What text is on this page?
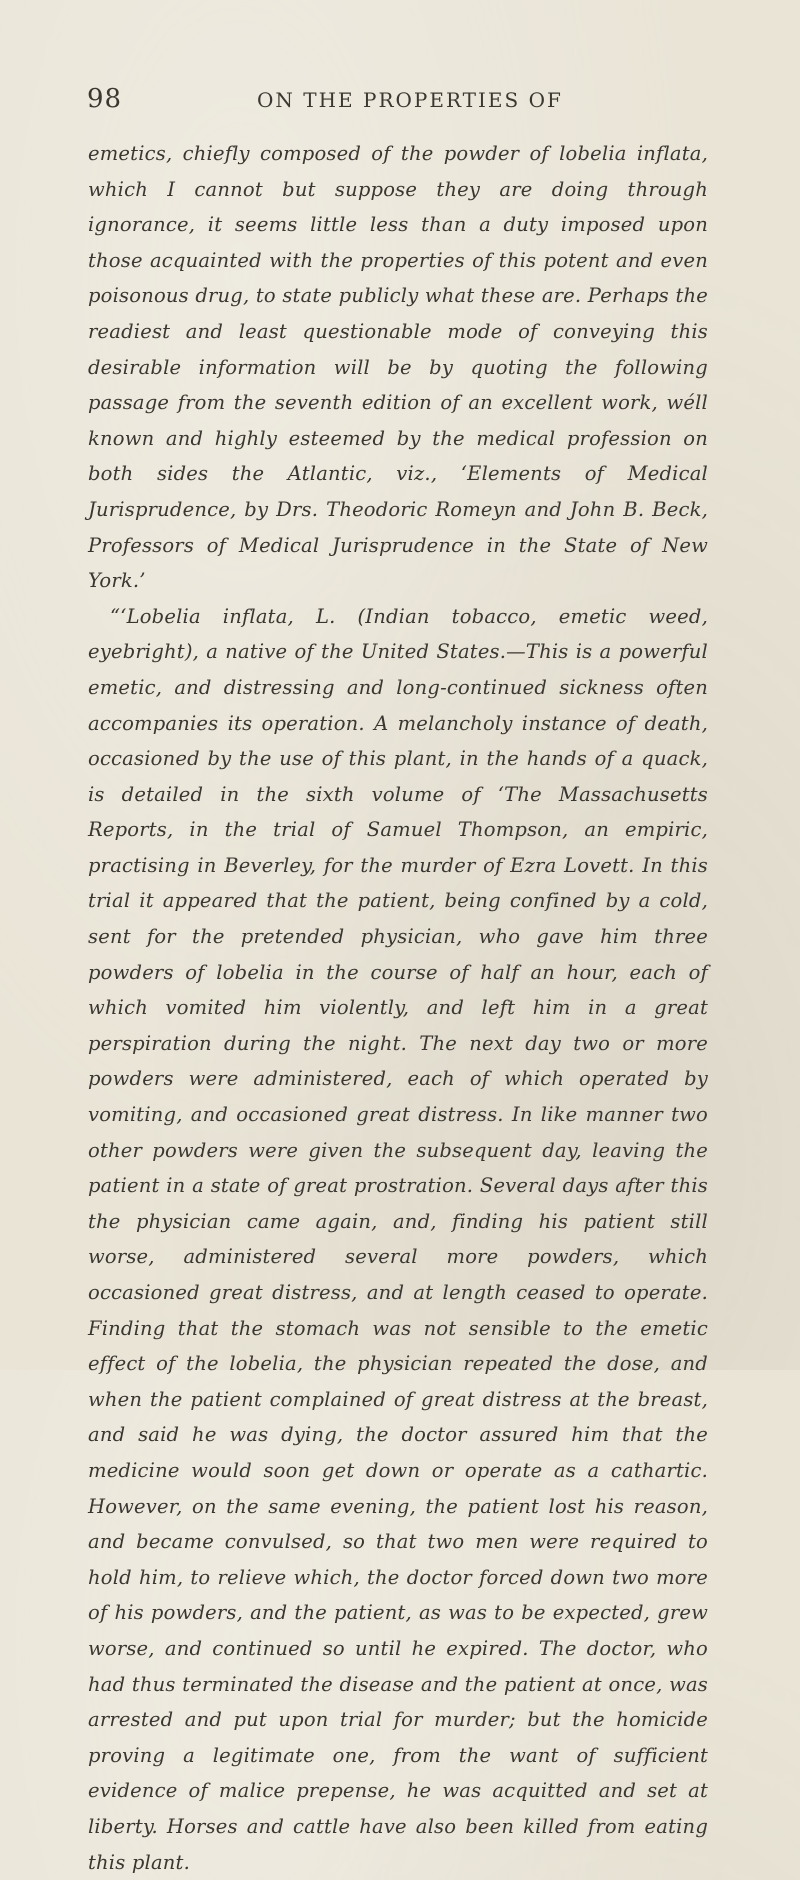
98	ON THE PROPERTIES OF

emetics, chiefly composed of the powder of lobelia inflata, which I cannot but suppose they are doing through ignorance, it seems little less than a duty imposed upon those acquainted with the properties of this potent and even poisonous drug, to state publicly what these are. Perhaps the readiest and least questionable mode of conveying this desirable information will be by quoting the following passage from the seventh edition of an excellent work, wéll known and highly esteemed by the medical profession on both sides the Atlantic, viz., ‘Elements of Medical Jurisprudence, by Drs. Theodoric Romeyn and John B. Beck, Professors of Medical Jurisprudence in the State of New York.’

“‘Lobelia inflata, L. (Indian tobacco, emetic weed, eyebright), a native of the United States.—This is a powerful emetic, and distressing and long-continued sickness often accompanies its operation. A melancholy instance of death, occasioned by the use of this plant, in the hands of a quack, is detailed in the sixth volume of ‘The Massachusetts Reports, in the trial of Samuel Thompson, an empiric, practising in Beverley, for the murder of Ezra Lovett. In this trial it appeared that the patient, being confined by a cold, sent for the pretended physician, who gave him three powders of lobelia in the course of half an hour, each of which vomited him violently, and left him in a great perspiration during the night. The next day two or more powders were administered, each of which operated by vomiting, and occasioned great distress. In like manner two other powders were given the subsequent day, leaving the patient in a state of great prostration. Several days after this the physician came again, and, finding his patient still worse, administered several more powders, which occasioned great distress, and at length ceased to operate. Finding that the stomach was not sensible to the emetic effect of the lobelia, the physician repeated the dose, and when the patient complained of great distress at the breast, and said he was dying, the doctor assured him that the medicine would soon get down or operate as a cathartic. However, on the same evening, the patient lost his reason, and became convulsed, so that two men were required to hold him, to relieve which, the doctor forced down two more of his powders, and the patient, as was to be expected, grew worse, and continued so until he expired. The doctor, who had thus terminated the disease and the patient at once, was arrested and put upon trial for murder; but the homicide proving a legitimate one, from the want of sufficient evidence of malice prepense, he was acquitted and set at liberty. Horses and cattle have also been killed from eating this plant.
